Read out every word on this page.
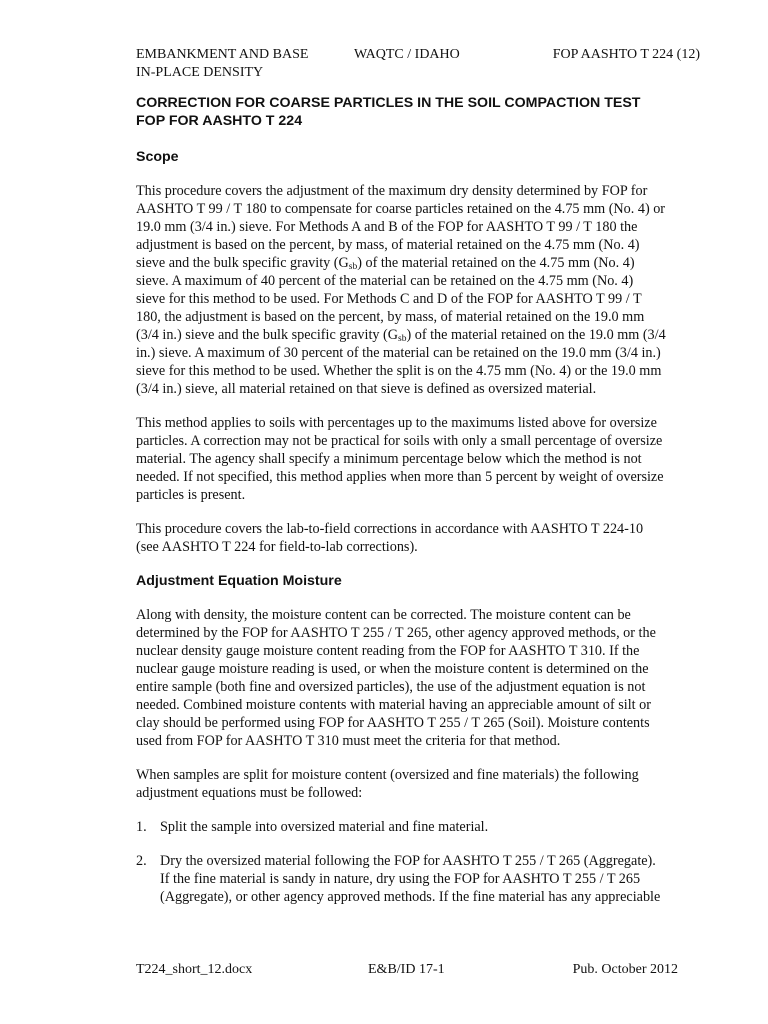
EMBANKMENT AND BASE
IN-PLACE DENSITY
WAQTC / IDAHO	FOP AASHTO T 224 (12)
CORRECTION FOR COARSE PARTICLES IN THE SOIL COMPACTION TEST
FOP FOR AASHTO T 224
Scope
This procedure covers the adjustment of the maximum dry density determined by FOP for
AASHTO T 99 / T 180 to compensate for coarse particles retained on the 4.75 mm (No. 4) or
19.0 mm (3/4 in.) sieve. For Methods A and B of the FOP for AASHTO T 99 / T 180 the
adjustment is based on the percent, by mass, of material retained on the 4.75 mm (No. 4)
sieve and the bulk specific gravity $(G_{sb})$ of the material retained on the 4.75 mm (No. 4)
sieve. A maximum of 40 percent of the material can be retained on the 4.75 mm (No. 4)
sieve for this method to be used. For Methods C and D of the FOP for AASHTO T 99 / T
180, the adjustment is based on the percent, by mass, of material retained on the 19.0 mm
(3/4 in.) sieve and the bulk specific gravity $(G_{sb})$ of the material retained on the 19.0 mm (3/4
in.) sieve. A maximum of 30 percent of the material can be retained on the 19.0 mm (3/4 in.)
sieve for this method to be used. Whether the split is on the 4.75 mm (No. 4) or the 19.0 mm
(3/4 in.) sieve, all material retained on that sieve is defined as oversized material.
This method applies to soils with percentages up to the maximums listed above for oversize
particles. A correction may not be practical for soils with only a small percentage of oversize
material. The agency shall specify a minimum percentage below which the method is not
needed. If not specified, this method applies when more than 5 percent by weight of oversize
particles is present.
This procedure covers the lab-to-field corrections in accordance with AASHTO T 224-10
(see AASHTO T 224 for field-to-lab corrections).
Adjustment Equation Moisture
Along with density, the moisture content can be corrected. The moisture content can be
determined by the FOP for AASHTO T 255 / T 265, other agency approved methods, or the
nuclear density gauge moisture content reading from the FOP for AASHTO T 310. If the
nuclear gauge moisture reading is used, or when the moisture content is determined on the
entire sample (both fine and oversized particles), the use of the adjustment equation is not
needed. Combined moisture contents with material having an appreciable amount of silt or
clay should be performed using FOP for AASHTO T 255 / T 265 (Soil). Moisture contents
used from FOP for AASHTO T 310 must meet the criteria for that method.
When samples are split for moisture content (oversized and fine materials) the following
adjustment equations must be followed:
1. Split the sample into oversized material and fine material.
2. Dry the oversized material following the FOP for AASHTO T 255 / T 265 (Aggregate).
If the fine material is sandy in nature, dry using the FOP for AASHTO T 255 / T 265
(Aggregate), or other agency approved methods. If the fine material has any appreciable
T224_short_12.docx	E&B/ID 17-1	Pub. October 2012
